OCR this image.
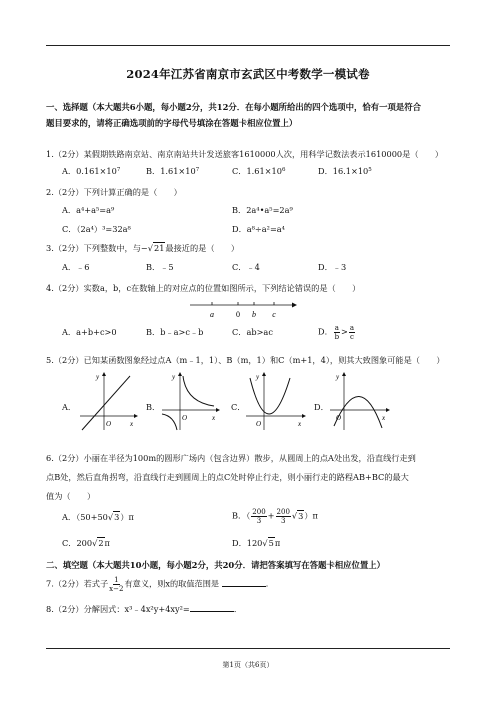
2024年江苏省南京市玄武区中考数学一模试卷
一、选择题（本大题共6小题，每小题2分，共12分．在每小题所给出的四个选项中，恰有一项是符合
题目要求的，请将正确选项前的字母代号填涂在答题卡相应位置上）
1.（2分）某假期铁路南京站、南京南站共计发送旅客1610000人次，用科学记数法表示1610000是（　　）
A．$0.161\times 10^7$	B．$1.61\times 10^7$	C．$1.61\times 10^6$	D．$16.1\times 10^5$
2.（2分）下列计算正确的是（　　）
A．a⁴+a⁵=a⁹	B．2a⁴•a⁵=2a⁹
C．（2a⁴）³=32a⁸	D．a⁸÷a²=a⁴
3.（2分）下列整数中，与−√21最接近的是（　　）
A．﹣6	B．﹣5	C．﹣4	D．﹣3
4.（2分）实数a，b，c在数轴上的对应点的位置如图所示，下列结论错误的是（　　）
a	0 b c
A．a+b+c>0	B．b﹣a>c﹣b	C．ab>ac	D． $\frac{a}{b} > \frac{a}{c}$
5.（2分）已知某函数图象经过点A（m﹣1，1）、B（m，1）和C（m+1，4），则其大致图象可能是（　　）
A．
y
x
O
B．
y
x
O
C．
y
x
O
D．
y
x
O
6.（2分）小丽在半径为100m的圆形广场内（包含边界）散步，从圆周上的点A处出发，沿直线行走到
点B处，然后直角拐弯，沿直线行走到圆周上的点C处时停止行走，则小丽行走的路程AB+BC的最大
值为（　　）
A．（50+50√3）π	B．（ $\frac{200}{3} + \frac{200}{3} √3)\pi$
C．200√2π	D．120√5π
二、填空题（本大题共10小题，每小题2分，共20分．请把答案填写在答题卡相应位置上）
7.（2分）若式子 $\frac{1}{x-2}$ 有意义，则x的取值范围是	．
8.（2分）分解因式：x³﹣4x²y+4xy²=	．
第1页（共6页）
